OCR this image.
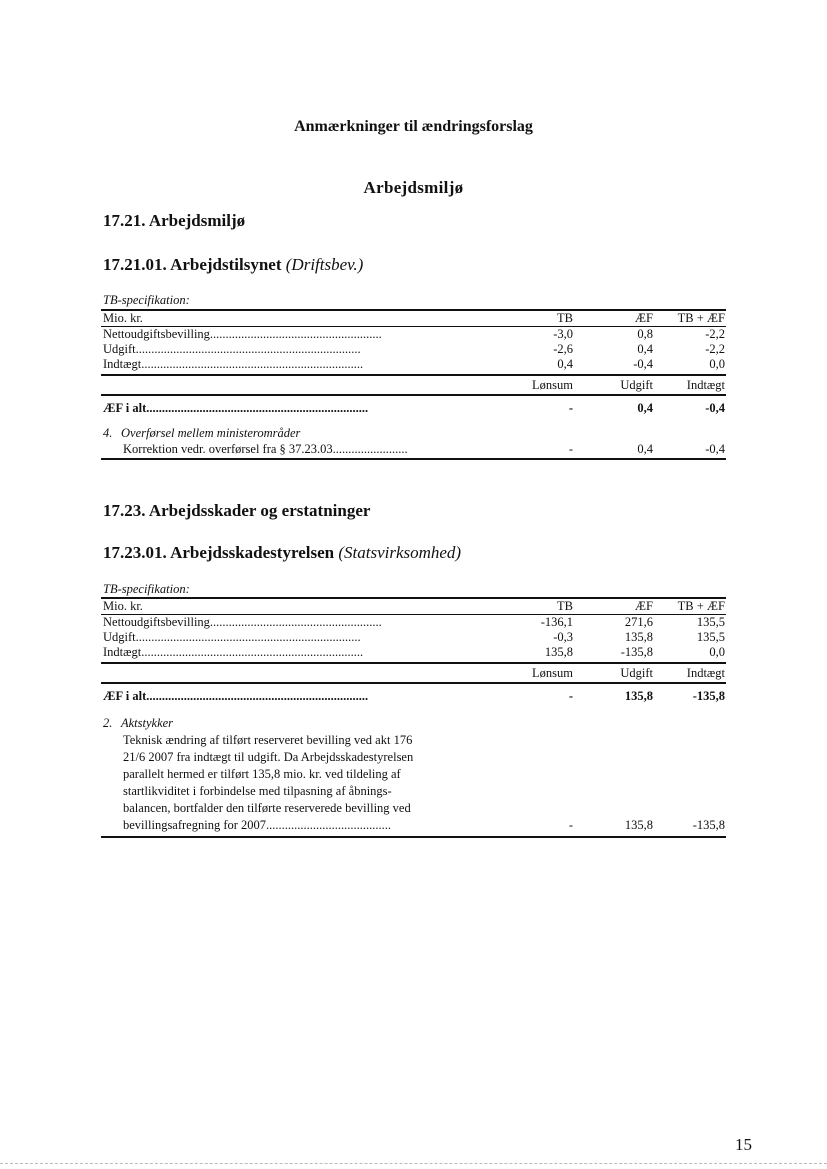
Anmærkninger til ændringsforslag
Arbejdsmiljø
17.21. Arbejdsmiljø
17.21.01. Arbejdstilsynet (Driftsbev.)
TB-specifikation:
Mio. kr.	TB	ÆF	TB + ÆF
Nettoudgiftsbevilling.......................................................	-3,0	0,8	-2,2
Udgift........................................................................	-2,6	0,4	-2,2
Indtægt.......................................................................	0,4	-0,4	0,0
Lønsum	Udgift	Indtægt
ÆF i alt.......................................................................	-	0,4	-0,4
4. Overførsel mellem ministerområder
Korrektion vedr. overførsel fra § 37.23.03........................	-	0,4	-0,4
17.23. Arbejdsskader og erstatninger
17.23.01. Arbejdsskadestyrelsen (Statsvirksomhed)
TB-specifikation:
Mio. kr.	TB	ÆF	TB + ÆF
Nettoudgiftsbevilling.......................................................	-136,1	271,6	135,5
Udgift........................................................................	-0,3	135,8	135,5
Indtægt.......................................................................	135,8	-135,8	0,0
Lønsum	Udgift	Indtægt
ÆF i alt.......................................................................	-	135,8	-135,8
2. Aktstykker
Teknisk ændring af tilført reserveret bevilling ved akt 176
21/6 2007 fra indtægt til udgift. Da Arbejdsskadestyrelsen
parallelt hermed er tilført 135,8 mio. kr. ved tildeling af
startlikviditet i forbindelse med tilpasning af åbnings-
balancen, bortfalder den tilførte reserverede bevilling ved
bevillingsafregning for 2007........................................	-	135,8	-135,8
15
